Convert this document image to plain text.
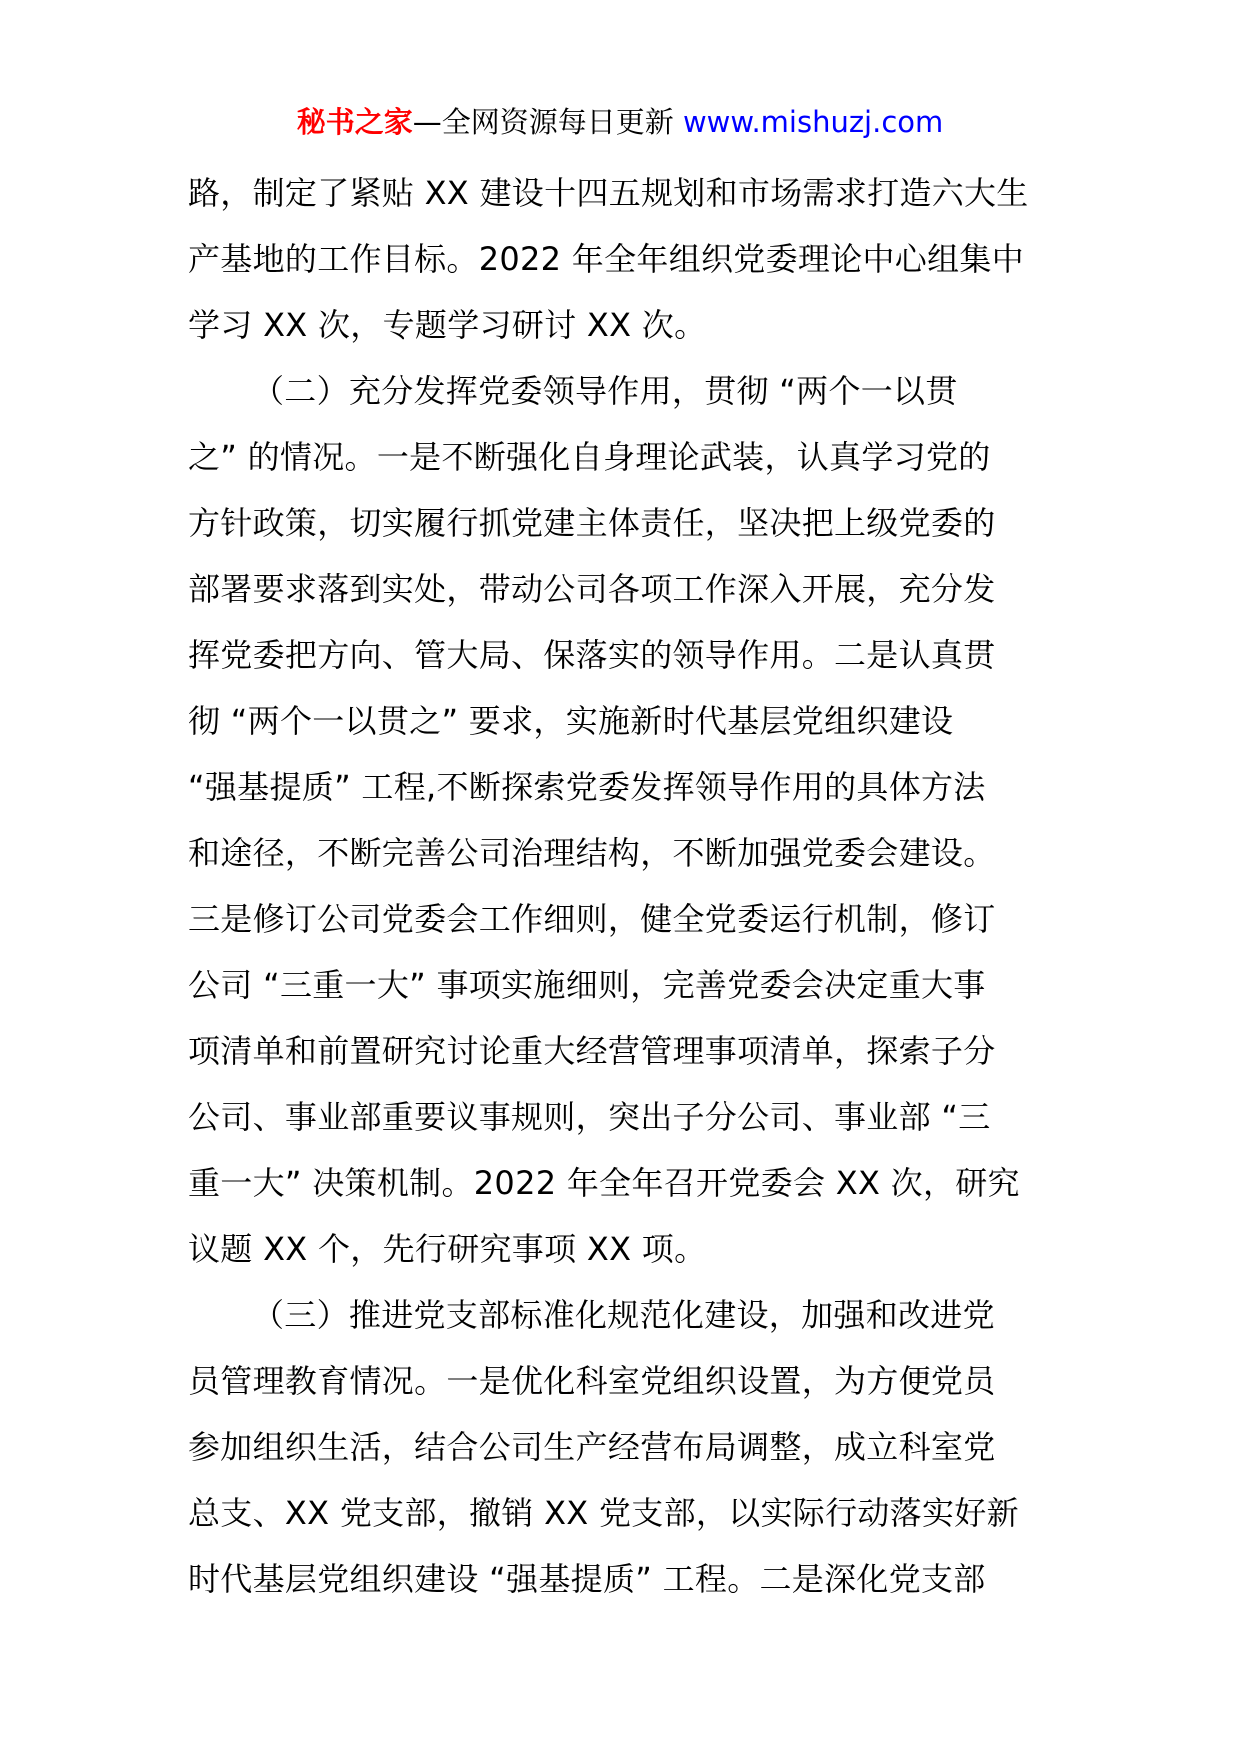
秘书之家—全网资源每日更新 www.mishuzj.com
路，制定了紧贴 XX 建设十四五规划和市场需求打造六大生
产基地的工作目标。2022 年全年组织党委理论中心组集中
学习 XX 次，专题学习研讨 XX 次。
（二）充分发挥党委领导作用，贯彻 “两个一以贯
之” 的情况。一是不断强化自身理论武装，认真学习党的
方针政策，切实履行抓党建主体责任，坚决把上级党委的
部署要求落到实处，带动公司各项工作深入开展，充分发
挥党委把方向、管大局、保落实的领导作用。二是认真贯
彻 “两个一以贯之” 要求，实施新时代基层党组织建设
“强基提质” 工程,不断探索党委发挥领导作用的具体方法
和途径，不断完善公司治理结构，不断加强党委会建设。
三是修订公司党委会工作细则，健全党委运行机制，修订
公司 “三重一大” 事项实施细则，完善党委会决定重大事
项清单和前置研究讨论重大经营管理事项清单，探索子分
公司、事业部重要议事规则，突出子分公司、事业部 “三
重一大” 决策机制。2022 年全年召开党委会 XX 次，研究
议题 XX 个，先行研究事项 XX 项。
（三）推进党支部标准化规范化建设，加强和改进党
员管理教育情况。一是优化科室党组织设置，为方便党员
参加组织生活，结合公司生产经营布局调整，成立科室党
总支、XX 党支部，撤销 XX 党支部，以实际行动落实好新
时代基层党组织建设 “强基提质” 工程。二是深化党支部
